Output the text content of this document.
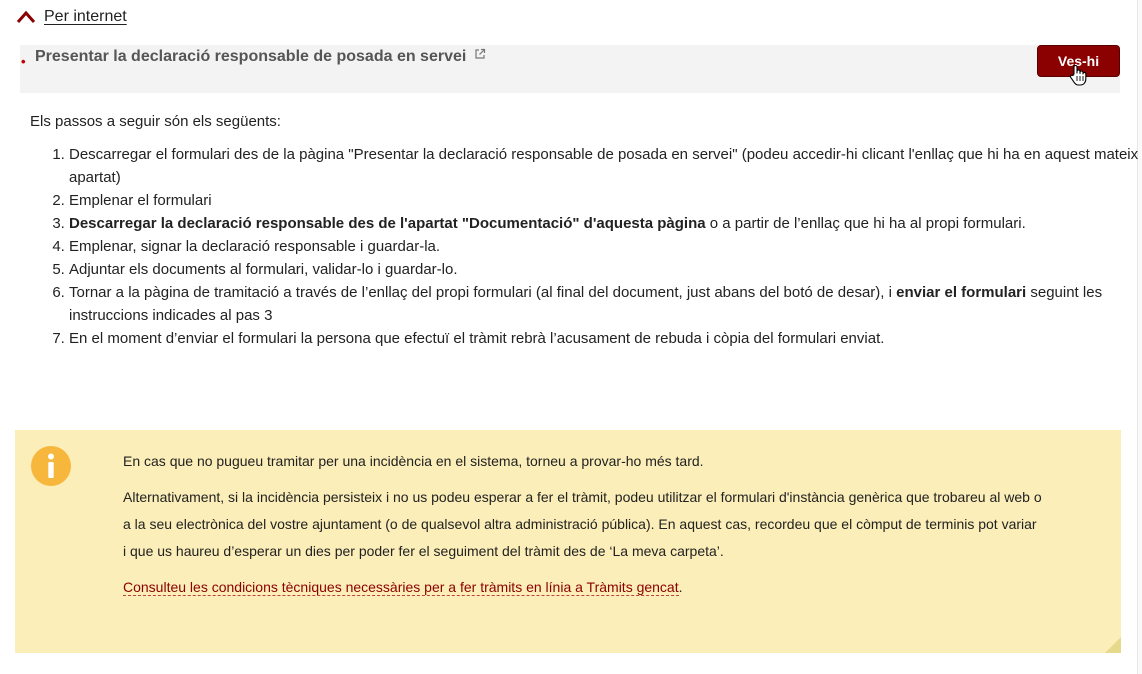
Per internet
• Presentar la declaració responsable de posada en servei	Ves-hi
Els passos a seguir són els següents:
1. Descarregar el formulari des de la pàgina "Presentar la declaració responsable de posada en servei" (podeu accedir-hi clicant l'enllaç que hi ha en aquest mateix apartat)
2. Emplenar el formulari
3. Descarregar la declaració responsable des de l'apartat "Documentació" d'aquesta pàgina o a partir de l’enllaç que hi ha al propi formulari.
4. Emplenar, signar la declaració responsable i guardar-la.
5. Adjuntar els documents al formulari, validar-lo i guardar-lo.
6. Tornar a la pàgina de tramitació a través de l’enllaç del propi formulari (al final del document, just abans del botó de desar), i enviar el formulari seguint les instruccions indicades al pas 3
7. En el moment d’enviar el formulari la persona que efectuï el tràmit rebrà l’acusament de rebuda i còpia del formulari enviat.

En cas que no pugueu tramitar per una incidència en el sistema, torneu a provar-ho més tard.

Alternativament, si la incidència persisteix i no us podeu esperar a fer el tràmit, podeu utilitzar el formulari d'instància genèrica que trobareu al web o a la seu electrònica del vostre ajuntament (o de qualsevol altra administració pública). En aquest cas, recordeu que el còmput de terminis pot variar i que us haureu d’esperar un dies per poder fer el seguiment del tràmit des de ‘La meva carpeta’.

Consulteu les condicions tècniques necessàries per a fer tràmits en línia a Tràmits gencat.
